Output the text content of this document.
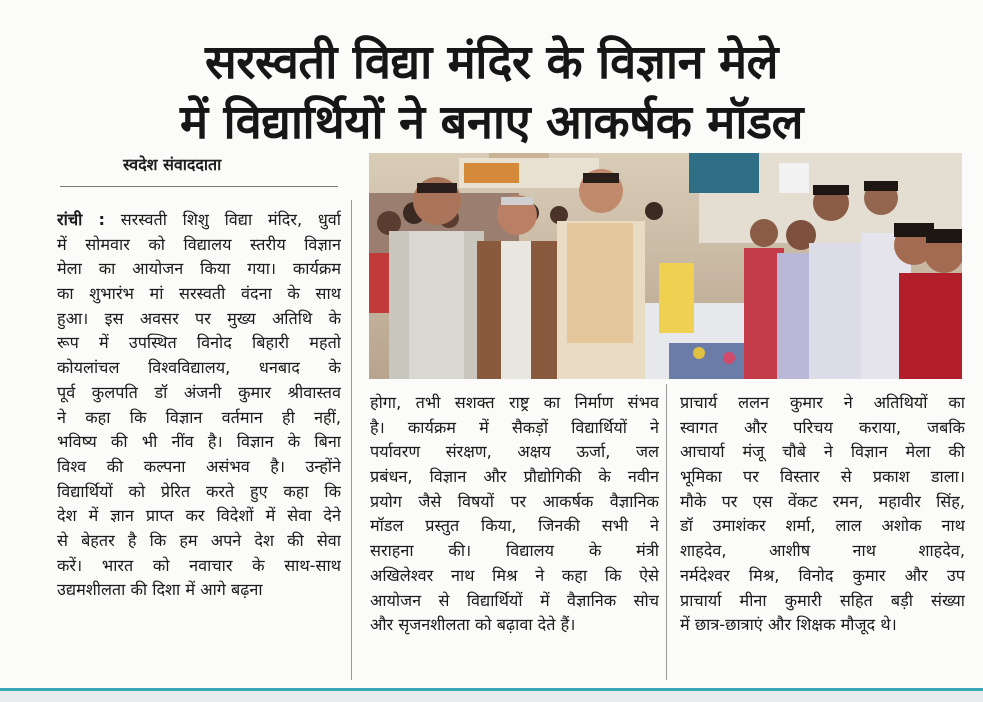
सरस्वती विद्या मंदिर के विज्ञान मेले
में विद्यार्थियों ने बनाए आकर्षक मॉडल
स्वदेश संवाददाता
रांची : सरस्वती शिशु विद्या मंदिर, धुर्वा
में सोमवार को विद्यालय स्तरीय विज्ञान
मेला का आयोजन किया गया। कार्यक्रम
का शुभारंभ मां सरस्वती वंदना के साथ
हुआ। इस अवसर पर मुख्य अतिथि के
रूप में उपस्थित विनोद बिहारी महतो
कोयलांचल विश्वविद्यालय, धनबाद के
पूर्व कुलपति डॉ अंजनी कुमार श्रीवास्तव
ने कहा कि विज्ञान वर्तमान ही नहीं,
भविष्य की भी नींव है। विज्ञान के बिना
विश्व की कल्पना असंभव है। उन्होंने
विद्यार्थियों को प्रेरित करते हुए कहा कि
देश में ज्ञान प्राप्त कर विदेशों में सेवा देने
से बेहतर है कि हम अपने देश की सेवा
करें। भारत को नवाचार के साथ-साथ
उद्यमशीलता की दिशा में आगे बढ़ना
होगा, तभी सशक्त राष्ट्र का निर्माण संभव
है। कार्यक्रम में सैकड़ों विद्यार्थियों ने
पर्यावरण संरक्षण, अक्षय ऊर्जा, जल
प्रबंधन, विज्ञान और प्रौद्योगिकी के नवीन
प्रयोग जैसे विषयों पर आकर्षक वैज्ञानिक
मॉडल प्रस्तुत किया, जिनकी सभी ने
सराहना की। विद्यालय के मंत्री
अखिलेश्वर नाथ मिश्र ने कहा कि ऐसे
आयोजन से विद्यार्थियों में वैज्ञानिक सोच
और सृजनशीलता को बढ़ावा देते हैं।
प्राचार्य ललन कुमार ने अतिथियों का
स्वागत और परिचय कराया, जबकि
आचार्या मंजू चौबे ने विज्ञान मेला की
भूमिका पर विस्तार से प्रकाश डाला।
मौके पर एस वेंकट रमन, महावीर सिंह,
डॉ उमाशंकर शर्मा, लाल अशोक नाथ
शाहदेव, आशीष नाथ शाहदेव,
नर्मदेश्वर मिश्र, विनोद कुमार और उप
प्राचार्या मीना कुमारी सहित बड़ी संख्या
में छात्र-छात्राएं और शिक्षक मौजूद थे।
